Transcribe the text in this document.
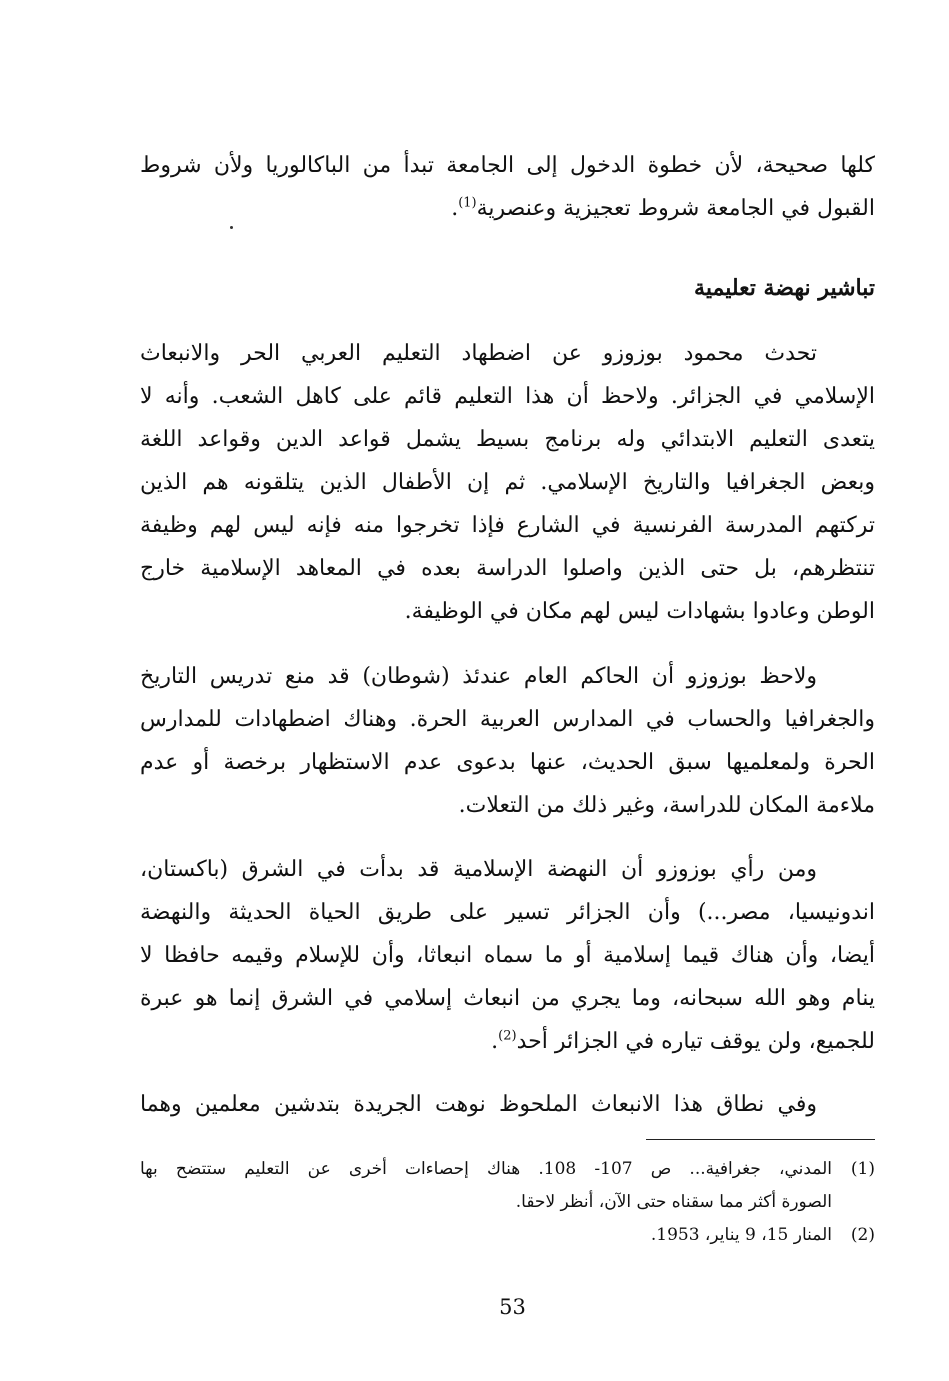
كلها صحيحة، لأن خطوة الدخول إلى الجامعة تبدأ من الباكالوريا ولأن شروط
القبول في الجامعة شروط تعجيزية وعنصرية$^{(1)}$.
تباشير نهضة تعليمية
تحدث محمود بوزوزو عن اضطهاد التعليم العربي الحر والانبعاث
الإسلامي في الجزائر. ولاحظ أن هذا التعليم قائم على كاهل الشعب. وأنه لا
يتعدى التعليم الابتدائي وله برنامج بسيط يشمل قواعد الدين وقواعد اللغة
وبعض الجغرافيا والتاريخ الإسلامي. ثم إن الأطفال الذين يتلقونه هم الذين
تركتهم المدرسة الفرنسية في الشارع فإذا تخرجوا منه فإنه ليس لهم وظيفة
تنتظرهم، بل حتى الذين واصلوا الدراسة بعده في المعاهد الإسلامية خارج
الوطن وعادوا بشهادات ليس لهم مكان في الوظيفة.
ولاحظ بوزوزو أن الحاكم العام عندئذ (شوطان) قد منع تدريس التاريخ
والجغرافيا والحساب في المدارس العربية الحرة. وهناك اضطهادات للمدارس
الحرة ولمعلميها سبق الحديث، عنها بدعوى عدم الاستظهار برخصة أو عدم
ملاءمة المكان للدراسة، وغير ذلك من التعلات.
ومن رأي بوزوزو أن النهضة الإسلامية قد بدأت في الشرق (باكستان،
اندونيسيا، مصر...) وأن الجزائر تسير على طريق الحياة الحديثة والنهضة
أيضا، وأن هناك قيما إسلامية أو ما سماه انبعاثا، وأن للإسلام وقيمه حافظا لا
ينام وهو الله سبحانه، وما يجري من انبعاث إسلامي في الشرق إنما هو عبرة
للجميع، ولن يوقف تياره في الجزائر أحد$^{(2)}$.
وفي نطاق هذا الانبعاث الملحوظ نوهت الجريدة بتدشين معلمين وهما
(1)
المدني، جغرافية... ص 107- 108. هناك إحصاءات أخرى عن التعليم ستتضح بها
الصورة أكثر مما سقناه حتى الآن، أنظر لاحقا.
(2)
المنار 15، 9 يناير، 1953.
53
